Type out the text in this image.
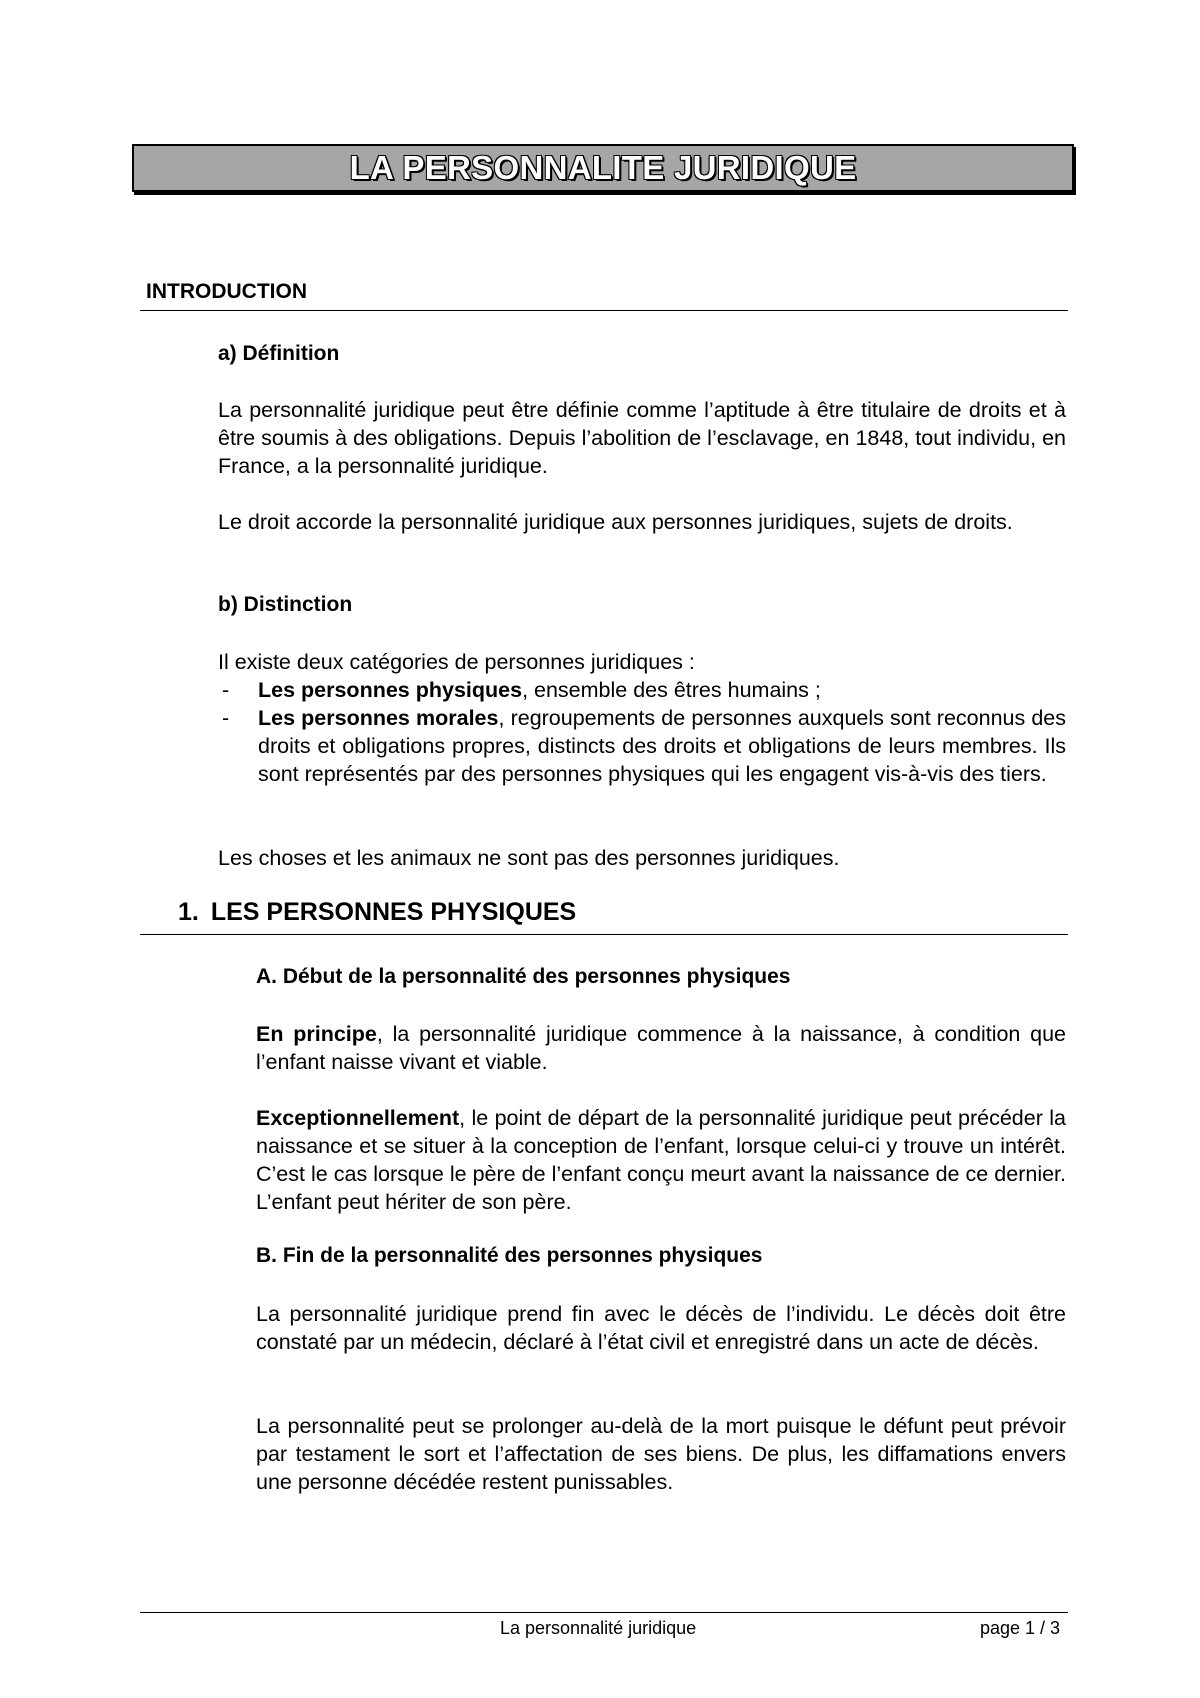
LA PERSONNALITE JURIDIQUE
INTRODUCTION
a) Définition
La personnalité juridique peut être définie comme l’aptitude à être titulaire de droits et à être soumis à des obligations. Depuis l’abolition de l’esclavage, en 1848, tout individu, en France, a la personnalité juridique.
Le droit accorde la personnalité juridique aux personnes juridiques, sujets de droits.
b) Distinction
Il existe deux catégories de personnes juridiques :
- Les personnes physiques, ensemble des êtres humains ;
- Les personnes morales, regroupements de personnes auxquels sont reconnus des droits et obligations propres, distincts des droits et obligations de leurs membres. Ils sont représentés par des personnes physiques qui les engagent vis-à-vis des tiers.
Les choses et les animaux ne sont pas des personnes juridiques.
1. LES PERSONNES PHYSIQUES
A. Début de la personnalité des personnes physiques
En principe, la personnalité juridique commence à la naissance, à condition que l’enfant naisse vivant et viable.
Exceptionnellement, le point de départ de la personnalité juridique peut précéder la naissance et se situer à la conception de l’enfant, lorsque celui-ci y trouve un intérêt. C’est le cas lorsque le père de l’enfant conçu meurt avant la naissance de ce dernier. L’enfant peut hériter de son père.
B. Fin de la personnalité des personnes physiques
La personnalité juridique prend fin avec le décès de l’individu. Le décès doit être constaté par un médecin, déclaré à l’état civil et enregistré dans un acte de décès.
La personnalité peut se prolonger au-delà de la mort puisque le défunt peut prévoir par testament le sort et l’affectation de ses biens. De plus, les diffamations envers une personne décédée restent punissables.
La personnalité juridique	page 1 / 3
